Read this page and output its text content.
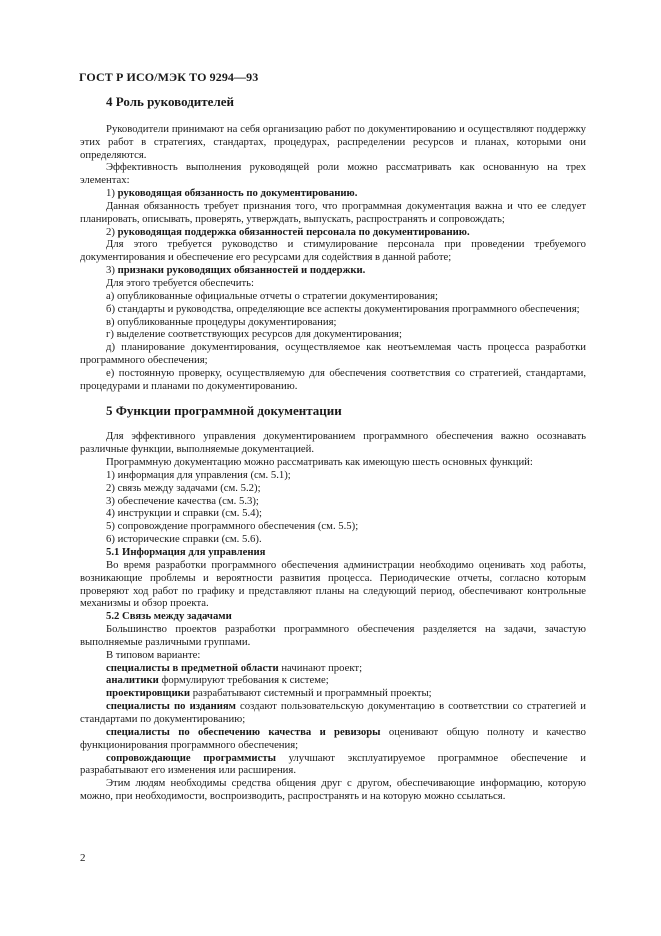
ГОСТ Р ИСО/МЭК ТО 9294—93
4 Роль руководителей

Руководители принимают на себя организацию работ по документированию и осуществляют поддержку этих работ в стратегиях, стандартах, процедурах, распределении ресурсов и планах, которыми они определяются.

Эффективность выполнения руководящей роли можно рассматривать как основанную на трех элементах:

1) руководящая обязанность по документированию.

Данная обязанность требует признания того, что программная документация важна и что ее следует планировать, описывать, проверять, утверждать, выпускать, распространять и сопровождать;

2) руководящая поддержка обязанностей персонала по документированию.

Для этого требуется руководство и стимулирование персонала при проведении требуемого документирования и обеспечение его ресурсами для содействия в данной работе;

3) признаки руководящих обязанностей и поддержки.

Для этого требуется обеспечить:

а) опубликованные официальные отчеты о стратегии документирования;

б) стандарты и руководства, определяющие все аспекты документирования программного обеспечения;

в) опубликованные процедуры документирования;

г) выделение соответствующих ресурсов для документирования;

д) планирование документирования, осуществляемое как неотъемлемая часть процесса разработки программного обеспечения;

е) постоянную проверку, осуществляемую для обеспечения соответствия со стратегией, стандартами, процедурами и планами по документированию.

5 Функции программной документации

Для эффективного управления документированием программного обеспечения важно осознавать различные функции, выполняемые документацией.

Программную документацию можно рассматривать как имеющую шесть основных функций:

1) информация для управления (см. 5.1);

2) связь между задачами (см. 5.2);

3) обеспечение качества (см. 5.3);

4) инструкции и справки (см. 5.4);

5) сопровождение программного обеспечения (см. 5.5);

6) исторические справки (см. 5.6).

5.1 Информация для управления

Во время разработки программного обеспечения администрации необходимо оценивать ход работы, возникающие проблемы и вероятности развития процесса. Периодические отчеты, согласно которым проверяют ход работ по графику и представляют планы на следующий период, обеспечивают контрольные механизмы и обзор проекта.

5.2 Связь между задачами

Большинство проектов разработки программного обеспечения разделяется на задачи, зачастую выполняемые различными группами.

В типовом варианте:

специалисты в предметной области начинают проект;

аналитики формулируют требования к системе;

проектировщики разрабатывают системный и программный проекты;

специалисты по изданиям создают пользовательскую документацию в соответствии со стратегией и стандартами по документированию;

специалисты по обеспечению качества и ревизоры оценивают общую полноту и качество функционирования программного обеспечения;

сопровождающие программисты улучшают эксплуатируемое программное обеспечение и разрабатывают его изменения или расширения.

Этим людям необходимы средства общения друг с другом, обеспечивающие информацию, которую можно, при необходимости, воспроизводить, распространять и на которую можно ссылаться.

2
